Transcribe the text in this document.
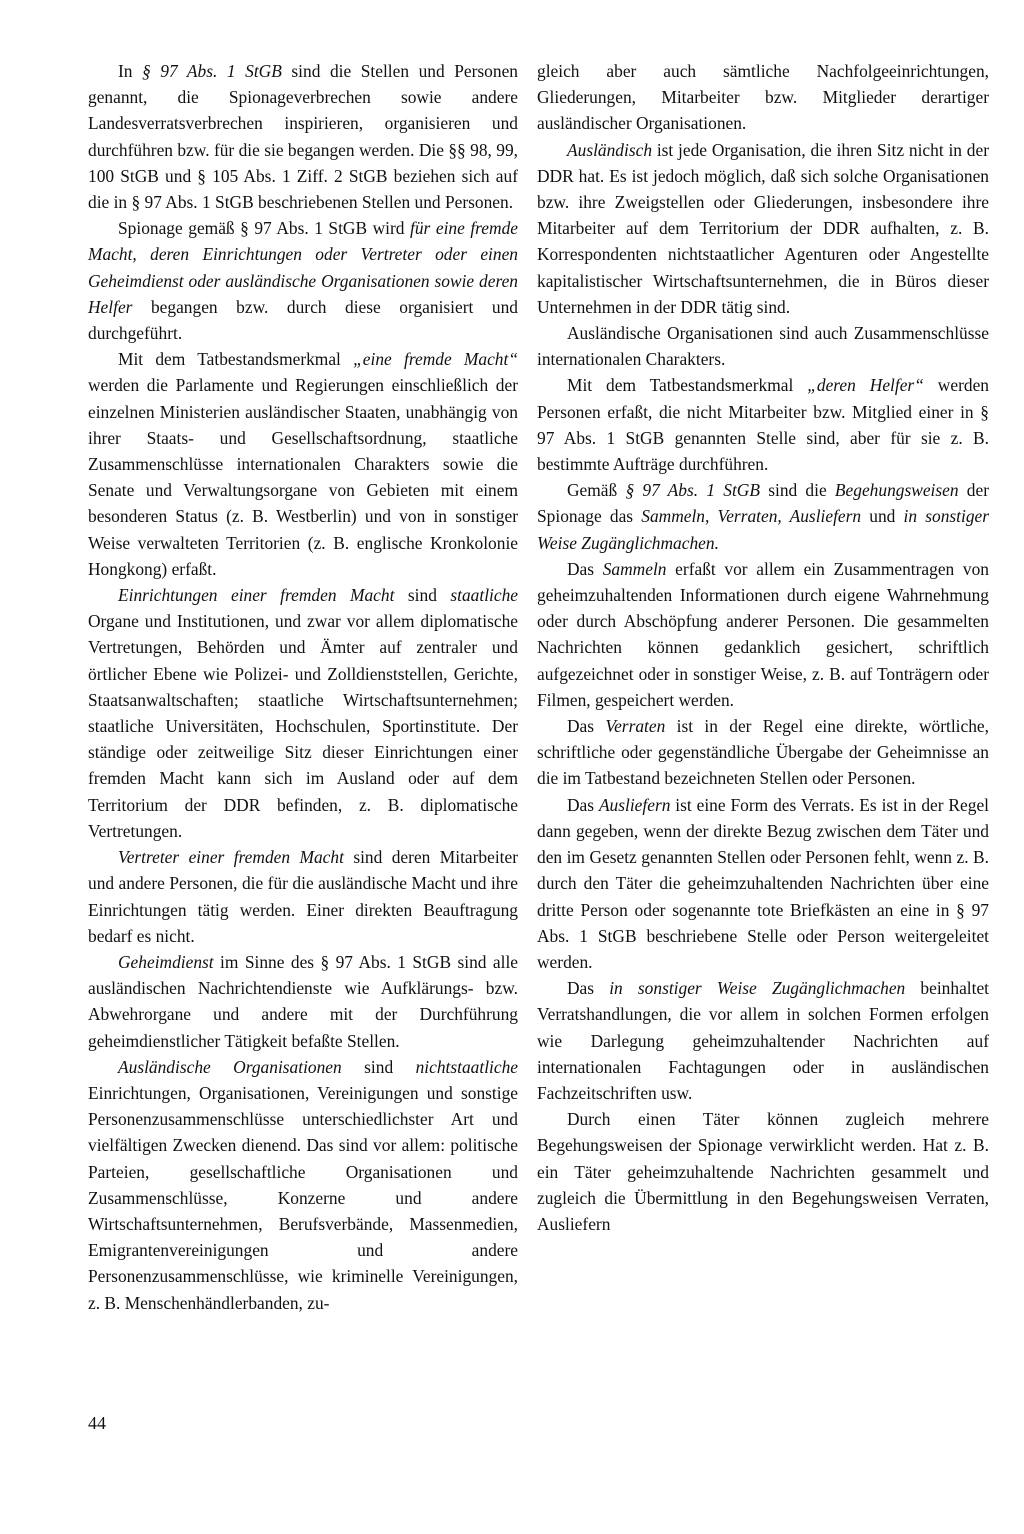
In § 97 Abs. 1 StGB sind die Stellen und Personen genannt, die Spionageverbrechen sowie andere Landesverratsverbrechen inspirieren, organisieren und durchführen bzw. für die sie begangen werden. Die §§ 98, 99, 100 StGB und § 105 Abs. 1 Ziff. 2 StGB beziehen sich auf die in § 97 Abs. 1 StGB beschriebenen Stellen und Personen.

Spionage gemäß § 97 Abs. 1 StGB wird für eine fremde Macht, deren Einrichtungen oder Vertreter oder einen Geheimdienst oder ausländische Organisationen sowie deren Helfer begangen bzw. durch diese organisiert und durchgeführt.

Mit dem Tatbestandsmerkmal „eine fremde Macht“ werden die Parlamente und Regierungen einschließlich der einzelnen Ministerien ausländischer Staaten, unabhängig von ihrer Staats- und Gesellschaftsordnung, staatliche Zusammenschlüsse internationalen Charakters sowie die Senate und Verwaltungsorgane von Gebieten mit einem besonderen Status (z. B. Westberlin) und von in sonstiger Weise verwalteten Territorien (z. B. englische Kronkolonie Hongkong) erfaßt.

Einrichtungen einer fremden Macht sind staatliche Organe und Institutionen, und zwar vor allem diplomatische Vertretungen, Behörden und Ämter auf zentraler und örtlicher Ebene wie Polizei- und Zolldienststellen, Gerichte, Staatsanwaltschaften; staatliche Wirtschaftsunternehmen; staatliche Universitäten, Hochschulen, Sportinstitute. Der ständige oder zeitweilige Sitz dieser Einrichtungen einer fremden Macht kann sich im Ausland oder auf dem Territorium der DDR befinden, z. B. diplomatische Vertretungen.

Vertreter einer fremden Macht sind deren Mitarbeiter und andere Personen, die für die ausländische Macht und ihre Einrichtungen tätig werden. Einer direkten Beauftragung bedarf es nicht.

Geheimdienst im Sinne des § 97 Abs. 1 StGB sind alle ausländischen Nachrichtendienste wie Aufklärungs- bzw. Abwehrorgane und andere mit der Durchführung geheimdienstlicher Tätigkeit befaßte Stellen.

Ausländische Organisationen sind nichtstaatliche Einrichtungen, Organisationen, Vereinigungen und sonstige Personenzusammenschlüsse unterschiedlichster Art und vielfältigen Zwecken dienend. Das sind vor allem: politische Parteien, gesellschaftliche Organisationen und Zusammenschlüsse, Konzerne und andere Wirtschaftsunternehmen, Berufsverbände, Massenmedien, Emigrantenvereinigungen und andere Personenzusammenschlüsse, wie kriminelle Vereinigungen, z. B. Menschenhändlerbanden, zu-

gleich aber auch sämtliche Nachfolgeeinrichtungen, Gliederungen, Mitarbeiter bzw. Mitglieder derartiger ausländischer Organisationen.

Ausländisch ist jede Organisation, die ihren Sitz nicht in der DDR hat. Es ist jedoch möglich, daß sich solche Organisationen bzw. ihre Zweigstellen oder Gliederungen, insbesondere ihre Mitarbeiter auf dem Territorium der DDR aufhalten, z. B. Korrespondenten nichtstaatlicher Agenturen oder Angestellte kapitalistischer Wirtschaftsunternehmen, die in Büros dieser Unternehmen in der DDR tätig sind.

Ausländische Organisationen sind auch Zusammenschlüsse internationalen Charakters.

Mit dem Tatbestandsmerkmal „deren Helfer“ werden Personen erfaßt, die nicht Mitarbeiter bzw. Mitglied einer in § 97 Abs. 1 StGB genannten Stelle sind, aber für sie z. B. bestimmte Aufträge durchführen.

Gemäß § 97 Abs. 1 StGB sind die Begehungsweisen der Spionage das Sammeln, Verraten, Ausliefern und in sonstiger Weise Zugänglichmachen.

Das Sammeln erfaßt vor allem ein Zusammentragen von geheimzuhaltenden Informationen durch eigene Wahrnehmung oder durch Abschöpfung anderer Personen. Die gesammelten Nachrichten können gedanklich gesichert, schriftlich aufgezeichnet oder in sonstiger Weise, z. B. auf Tonträgern oder Filmen, gespeichert werden.

Das Verraten ist in der Regel eine direkte, wörtliche, schriftliche oder gegenständliche Übergabe der Geheimnisse an die im Tatbestand bezeichneten Stellen oder Personen.

Das Ausliefern ist eine Form des Verrats. Es ist in der Regel dann gegeben, wenn der direkte Bezug zwischen dem Täter und den im Gesetz genannten Stellen oder Personen fehlt, wenn z. B. durch den Täter die geheimzuhaltenden Nachrichten über eine dritte Person oder sogenannte tote Briefkästen an eine in § 97 Abs. 1 StGB beschriebene Stelle oder Person weitergeleitet werden.

Das in sonstiger Weise Zugänglichmachen beinhaltet Verratshandlungen, die vor allem in solchen Formen erfolgen wie Darlegung geheimzuhaltender Nachrichten auf internationalen Fachtagungen oder in ausländischen Fachzeitschriften usw.

Durch einen Täter können zugleich mehrere Begehungsweisen der Spionage verwirklicht werden. Hat z. B. ein Täter geheimzuhaltende Nachrichten gesammelt und zugleich die Übermittlung in den Begehungsweisen Verraten, Ausliefern

44
